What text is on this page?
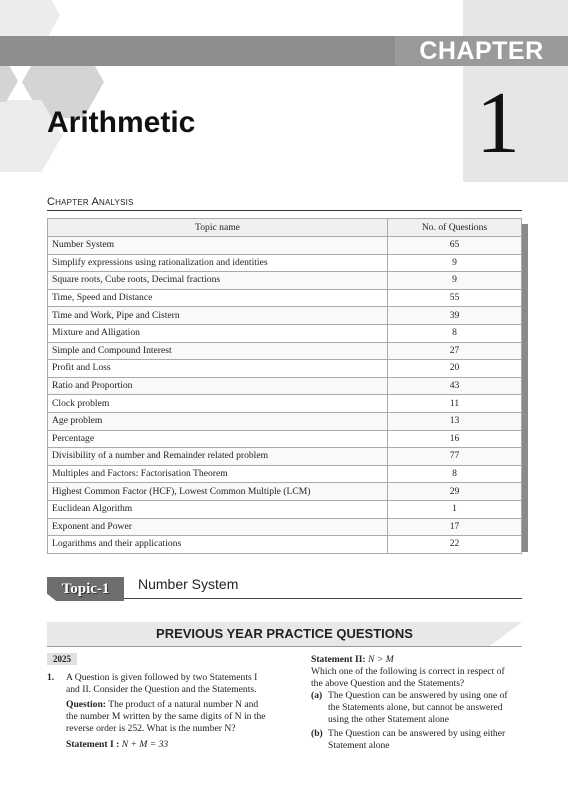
CHAPTER
1
Arithmetic
Chapter Analysis
Topic name	No. of Questions
Number System	65
Simplify expressions using rationalization and identities	9
Square roots, Cube roots, Decimal fractions	9
Time, Speed and Distance	55
Time and Work, Pipe and Cistern	39
Mixture and Alligation	8
Simple and Compound Interest	27
Profit and Loss	20
Ratio and Proportion	43
Clock problem	11
Age problem	13
Percentage	16
Divisibility of a number and Remainder related problem	77
Multiples and Factors: Factorisation Theorem	8
Highest Common Factor (HCF), Lowest Common Multiple (LCM)	29
Euclidean Algorithm	1
Exponent and Power	17
Logarithms and their applications	22
Topic-1	Number System
PREVIOUS YEAR PRACTICE QUESTIONS
2025
1. A Question is given followed by two Statements I
and II. Consider the Question and the Statements.
Question: The product of a natural number N and
the number M written by the same digits of N in the
reverse order is 252. What is the number N?
Statement I : N + M = 33
Statement II: N > M
Which one of the following is correct in respect of
the above Question and the Statements?
(a) The Question can be answered by using one of
the Statements alone, but cannot be answered
using the other Statement alone
(b) The Question can be answered by using either
Statement alone
